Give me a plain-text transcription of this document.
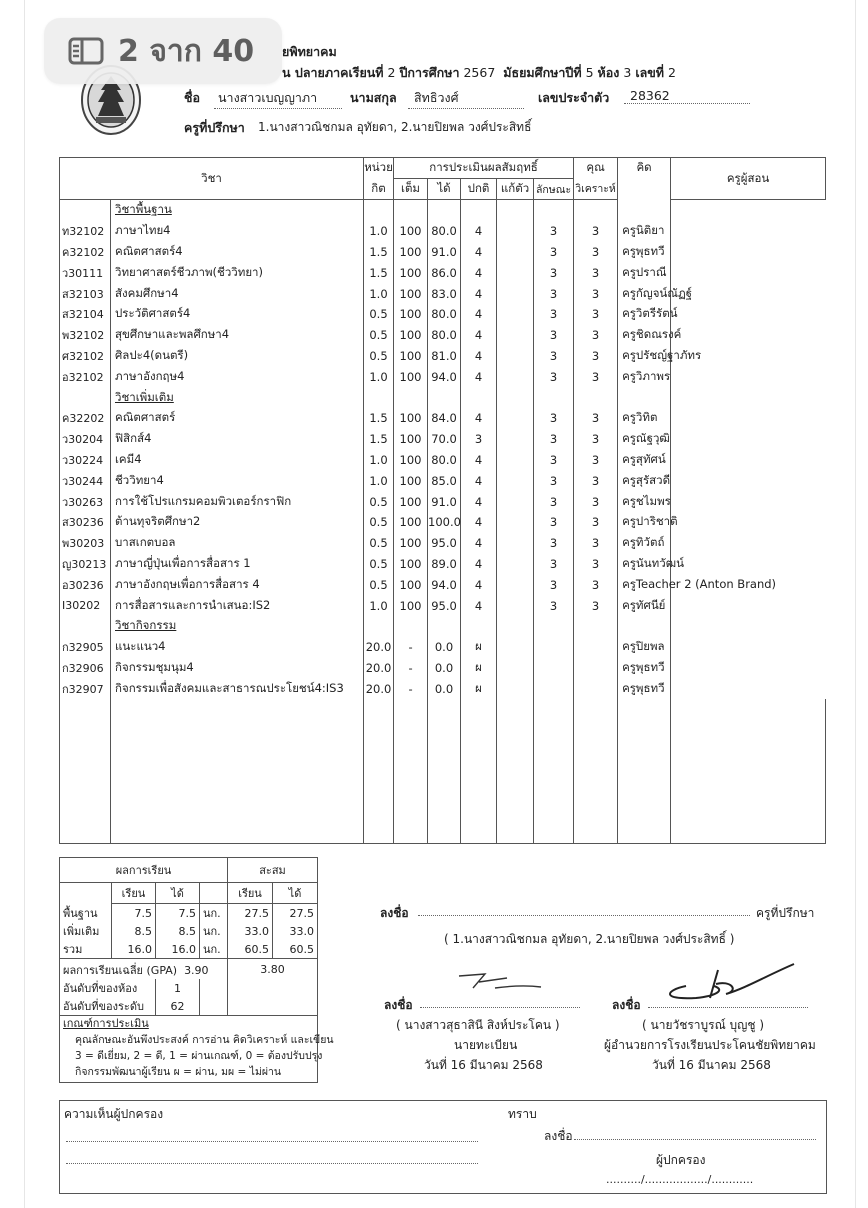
2 จาก 40 ยพิทยาคม
น ปลายภาคเรียนที่ 2 ปีการศึกษา 2567 มัธยมศึกษาปีที่ 5 ห้อง 3 เลขที่ 2
ชื่อ	นางสาวเบญญาภา	นามสกุล	สิทธิวงศ์	เลขประจำตัว	28362
ครูที่ปรึกษา 1.นางสาวณิชกมล อุทัยดา, 2.นายปิยพล วงศ์ประสิทธิ์
วิชา		หน่วย	การประเมินผลสัมฤทธิ์					คุณ	คิด	ครูผู้สอน
		กิต	เต็ม	ได้	ปกติ	แก้ตัว	ลักษณะ	วิเคราะห์		
	วิชาพื้นฐาน									
ท32102	ภาษาไทย4	1.0	100	80.0	4		3	3	ครูนิติยา	
ค32102	คณิตศาสตร์4	1.5	100	91.0	4		3	3	ครูพุธทวี	
ว30111	วิทยาศาสตร์ชีวภาพ(ชีววิทยา)	1.5	100	86.0	4		3	3	ครูปราณี	
ส32103	สังคมศึกษา4	1.0	100	83.0	4		3	3	ครูกัญจน์ณัฏฐ์	
ส32104	ประวัติศาสตร์4	0.5	100	80.0	4		3	3	ครูวิตรีรัตน์	
พ32102	สุขศึกษาและพลศึกษา4	0.5	100	80.0	4		3	3	ครูชิดณรงค์	
ศ32102	ศิลปะ4(ดนตรี)	0.5	100	81.0	4		3	3	ครูปรัชญ์ฐาภัทร	
อ32102	ภาษาอังกฤษ4	1.0	100	94.0	4		3	3	ครูวิภาพร	
	วิชาเพิ่มเติม									
ค32202	คณิตศาสตร์	1.5	100	84.0	4		3	3	ครูวิทิต	
ว30204	ฟิสิกส์4	1.5	100	70.0	3		3	3	ครูณัฐวุฒิ	
ว30224	เคมี4	1.0	100	80.0	4		3	3	ครูสุทัศน์	
ว30244	ชีววิทยา4	1.0	100	85.0	4		3	3	ครูสุรัสวดี	
ว30263	การใช้โปรแกรมคอมพิวเตอร์กราฟิก	0.5	100	91.0	4		3	3	ครูชไมพร	
ส30236	ต้านทุจริตศึกษา2	0.5	100	100.0	4		3	3	ครูปาริชาติ	
พ30203	บาสเกตบอล	0.5	100	95.0	4		3	3	ครูทิวัตถ์	
ญ30213	ภาษาญี่ปุ่นเพื่อการสื่อสาร 1	0.5	100	89.0	4		3	3	ครูนันทวัฒน์	
อ30236	ภาษาอังกฤษเพื่อการสื่อสาร 4	0.5	100	94.0	4		3	3	ครูTeacher 2 (Anton Brand)	
I30202	การสื่อสารและการนำเสนอ:IS2	1.0	100	95.0	4		3	3	ครูทัศนีย์	
	วิชากิจกรรม									
ก32905	แนะแนว4	20.0	-	0.0	ผ				ครูปิยพล	
ก32906	กิจกรรมชุมนุม4	20.0	-	0.0	ผ				ครูพุธทวี	
ก32907	กิจกรรมเพื่อสังคมและสาธารณประโยชน์4:IS3	20.0	-	0.0	ผ				ครูพุธทวี	

ผลการเรียน				สะสม		
	เรียน	ได้		เรียน	ได้	
พื้นฐาน	7.5	7.5	นก.	27.5	27.5	
เพิ่มเติม	8.5	8.5	นก.	33.0	33.0	
รวม	16.0	16.0	นก.	60.5	60.5	
ผลการเรียนเฉลี่ย (GPA) 3.90				3.80		
อันดับที่ของห้อง		1				
อันดับที่ของระดับ		62				

เกณฑ์การประเมิน
คุณลักษณะอันพึงประสงค์ การอ่าน คิดวิเคราะห์ และเขียน
3 = ดีเยี่ยม, 2 = ดี, 1 = ผ่านเกณฑ์, 0 = ต้องปรับปรุง
กิจกรรมพัฒนาผู้เรียน ผ = ผ่าน, มผ = ไม่ผ่าน						
ลงชื่อ	ครูที่ปรึกษา
( 1.นางสาวณิชกมล อุทัยดา, 2.นายปิยพล วงศ์ประสิทธิ์ )
ลงชื่อ
( นางสาวสุธาสินี สิงห์ประโคน )
นายทะเบียน
วันที่ 16 มีนาคม 2568
ลงชื่อ
( นายวัชราบูรณ์ บุญชู )
ผู้อำนวยการโรงเรียนประโคนชัยพิทยาคม
วันที่ 16 มีนาคม 2568
ความเห็นผู้ปกครอง	ทราบ
ลงชื่อ
ผู้ปกครอง
........../................../............
